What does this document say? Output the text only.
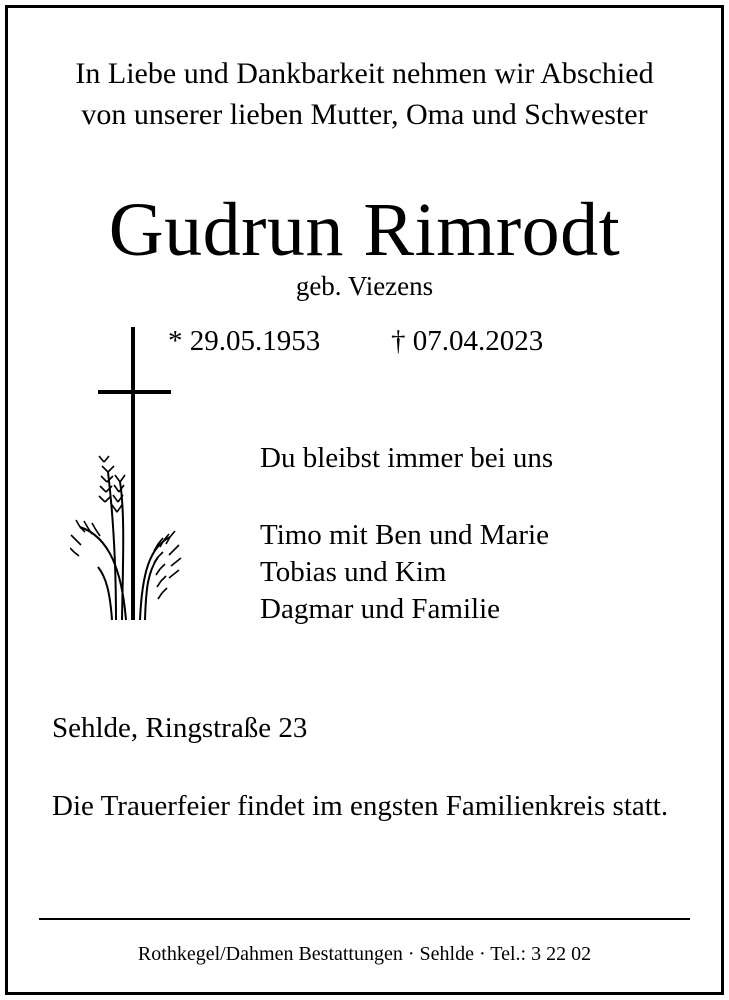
In Liebe und Dankbarkeit nehmen wir Abschied
von unserer lieben Mutter, Oma und Schwester
Gudrun Rimrodt
geb. Viezens
* 29.05.1953 † 07.04.2023
Du bleibst immer bei uns
Timo mit Ben und Marie
Tobias und Kim
Dagmar und Familie
Sehlde, Ringstraße 23
Die Trauerfeier findet im engsten Familienkreis statt.
Rothkegel/Dahmen Bestattungen · Sehlde · Tel.: 3 22 02
